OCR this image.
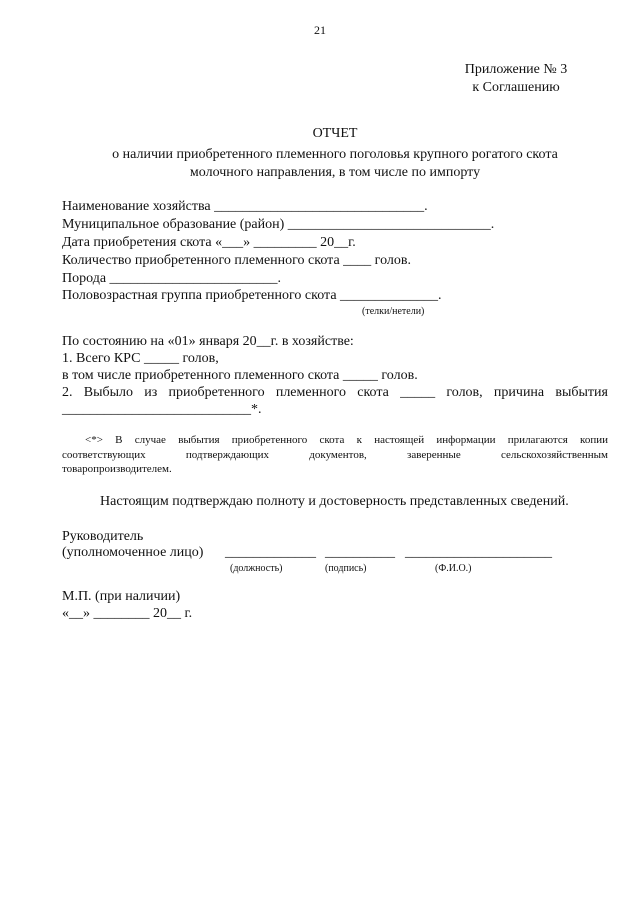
21
Приложение № 3
к Соглашению
ОТЧЕТ
о наличии приобретенного племенного поголовья крупного рогатого скота
молочного направления, в том числе по импорту
Наименование хозяйства ______________________________.
Муниципальное образование (район) _____________________________.
Дата приобретения скота «___» _________ 20__г.
Количество приобретенного племенного скота ____ голов.
Порода ________________________.
Половозрастная группа приобретенного скота ______________.
(телки/нетели)
По состоянию на «01» января 20__г. в хозяйстве:
1. Всего КРС _____ голов,
в том числе приобретенного племенного скота _____ голов.
2. Выбыло из приобретенного племенного скота _____ голов, причина выбытия
___________________________*.
<*> В случае выбытия приобретенного скота к настоящей информации прилагаются копии
соответствующих подтверждающих документов, заверенные сельскохозяйственным
товаропроизводителем.
Настоящим подтверждаю полноту и достоверность представленных сведений.
Руководитель
(уполномоченное лицо) _____________ __________ _____________________
(должность)	(подпись)	(Ф.И.О.)
М.П. (при наличии)
«__» ________ 20__ г.
